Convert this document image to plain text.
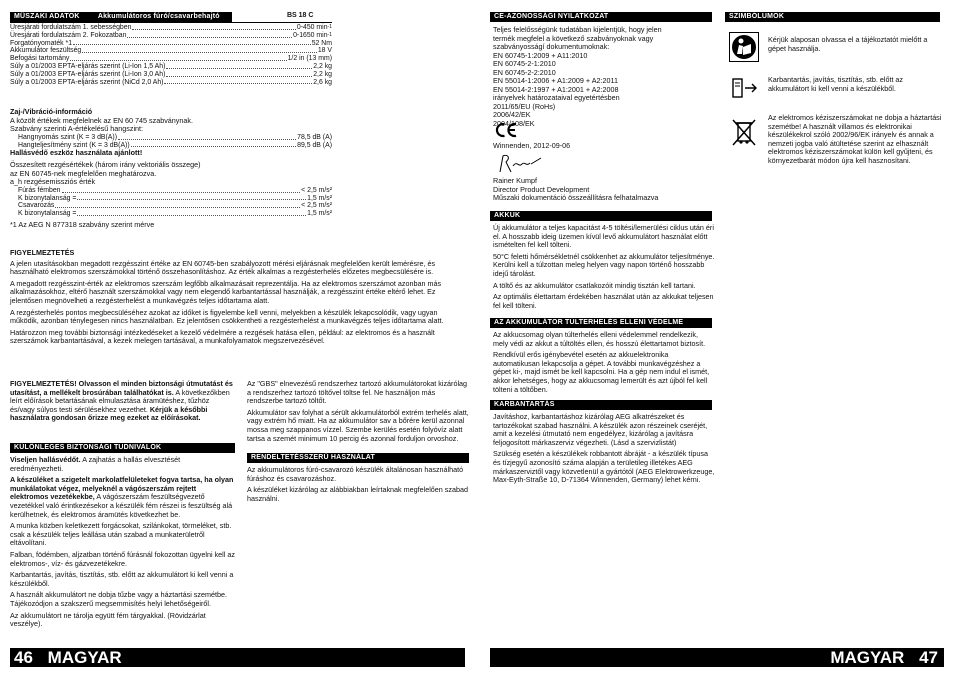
MŰSZAKI ADATOK	Akkumulátoros fúró/csavarbehajtó	BS 18 C
Üresjárati fordulatszám 1. sebességben	0-450 min -1
Üresjárati fordulatszám 2. Fokozatban	0-1650 min -1
Forgatónyomaték *1	52 Nm
Akkumulátor feszültség	18 V
Befogási tartomány	1/2 in (13 mm)
Súly a 01/2003 EPTA-eljárás szerint (Li-Ion 1,5 Ah)	2,2 kg
Súly a 01/2003 EPTA-eljárás szerint (Li-Ion 3,0 Ah)	2,2 kg
Súly a 01/2003 EPTA-eljárás szerint (NiCd 2,0 Ah)	2,6 kg
Zaj-/Vibráció-információ
A közölt értékek megfelelnek az EN 60 745 szabványnak.
Szabvány szerinti A-értékelésű hangszint:
Hangnyomás szint (K = 3 dB(A))	78,5 dB (A)
Hangteljesítmény szint (K = 3 dB(A))	89,5 dB (A)
Hallásvédő eszköz használata ajánlott!
Összesített rezgésértékek (három irány vektoriális összege)
az EN 60745-nek megfelelően meghatározva.
a_h rezgésemissziós érték
Fúrás fémben	< 2,5 m/s²
K bizonytalanság =	1,5 m/s²
Csavarozás	< 2,5 m/s²
K bizonytalanság =	1,5 m/s²
*1 Az AEG N 877318 szabvány szerint mérve

FIGYELMEZTETÉS

A jelen utasításokban megadott rezgésszint értéke az EN 60745-ben szabályozott mérési eljárásnak megfelelően került lemérésre, és használható elektromos szerszámokkal történő összehasonlításhoz. Az érték alkalmas a rezgésterhelés előzetes megbecsülésére is.

A megadott rezgésszint-érték az elektromos szerszám legfőbb alkalmazásait reprezentálja. Ha az elektromos szerszámot azonban más alkalmazásokhoz, eltérő használt szerszámokkal vagy nem elegendő karbantartással használják, a rezgésszint értéke eltérő lehet. Ez jelentősen megnövelheti a rezgésterhelést a munkavégzés teljes időtartama alatt.

A rezgésterhelés pontos megbecsüléséhez azokat az időket is figyelembe kell venni, melyekben a készülék lekapcsolódik, vagy ugyan működik, azonban ténylegesen nincs használatban. Ez jelentősen csökkentheti a rezgésterhelést a munkavégzés teljes időtartama alatt.

Határozzon meg további biztonsági intézkedéseket a kezelő védelmére a rezgések hatása ellen, például: az elektromos és a használt szerszámok karbantartásával, a kezek melegen tartásával, a munkafolyamatok megszervezésével.

FIGYELMEZTETÉS! Olvasson el minden biztonsági útmutatást és utasítást, a mellékelt brosúrában találhatókat is. A következőkben leírt előírások betartásának elmulasztása áramütéshez, tűzhöz és/vagy súlyos testi sérülésekhez vezethet. Kérjük a későbbi használatra gondosan őrizze meg ezeket az előírásokat.

KÜLÖNLEGES BIZTONSÁGI TUDNIVALÓK

Viseljen hallásvédőt. A zajhatás a hallás elvesztését eredményezheti.

A készüléket a szigetelt markolatfelületeket fogva tartsa, ha olyan munkálatokat végez, melyeknél a vágószerszám rejtett elektromos vezetékekbe, A vágószerszám feszültségvezető vezetékkel való érintkezésekor a készülék fém részei is feszültség alá kerülhetnek, és elektromos áramütés következhet be.

A munka közben keletkezett forgácsokat, szilánkokat, törmeléket, stb. csak a készülék teljes leállása után szabad a munkaterületről eltávolítani.

Falban, födémben, aljzatban történő fúrásnál fokozottan ügyelni kell az elektromos-, víz- és gázvezetékekre.

Karbantartás, javítás, tisztítás, stb. előtt az akkumulátort ki kell venni a készülékből.

A használt akkumulátort ne dobja tűzbe vagy a háztartási szemétbe. Tájékozódjon a szakszerű megsemmisítés helyi lehetőségeiről.

Az akkumulátort ne tárolja együtt fém tárgyakkal. (Rövidzárlat veszélye).

Az "GBS" elnevezésű rendszerhez tartozó akkumulátorokat kizárólag a rendszerhez tartozó töltővel töltse fel. Ne használjon más rendszerbe tartozó töltőt.

Akkumulátor sav folyhat a sérült akkumulátorból extrém terhelés alatt, vagy extrém hő miatt. Ha az akkumulátor sav a bőrére kerül azonnal mossa meg szappanos vízzel. Szembe kerülés esetén folyóvíz alatt tartsa a szemét minimum 10 percig és azonnal forduljon orvoshoz.

RENDELTETÉSSZERŰ HASZNÁLAT

Az akkumulátoros fúró-csavarozó készülék általánosan használható fúráshoz és csavarozáshoz.

A készüléket kizárólag az alábbiakban leírtaknak megfelelően szabad használni.

46 MAGYAR
CE-AZONOSSÁGI NYILATKOZAT
Teljes felelősségünk tudatában kijelentjük, hogy jelen
termék megfelel a következő szabványoknak vagy
szabványosságí dokumentumoknak:
EN 60745-1:2009 + A11:2010
EN 60745-2-1:2010
EN 60745-2-2:2010
EN 55014-1:2006 + A1:2009 + A2:2011
EN 55014-2:1997 + A1:2001 + A2:2008
irányelvek határozataival egyetértésben
2011/65/EU (RoHs)
2006/42/EK
2004/108/EK
Winnenden, 2012-09-06
Rainer Kumpf
Director Product Development
Műszaki dokumentáció összeállításra felhatalmazva
AKKUK

Új akkumulátor a teljes kapacitást 4-5 töltési/lemerülési ciklus után éri el. A hosszabb ideig üzemen kívül levő akkumulátort használat előtt ismételten fel kell tölteni.

50°C feletti hőmérsékletnél csökkenhet az akkumulátor teljesítménye. Kerülni kell a túlzottan meleg helyen vagy napon történő hosszabb idejű tárolást.

A töltő és az akkumulátor csatlakozóit mindig tisztán kell tartani.

Az optimális élettartam érdekében használat után az akkukat teljesen fel kell tölteni.

AZ AKKUMULÁTOR TÚLTERHELÉS ELLENI VÉDELME

Az akkucsomag olyan túlterhelés elleni védelemmel rendelkezik, mely védi az akkut a túltöltés ellen, és hosszú élettartamot biztosít.

Rendkívül erős igénybevétel esetén az akkuelektronika automatikusan lekapcsolja a gépet. A további munkavégzéshez a gépet ki-, majd ismét be kell kapcsolni. Ha a gép nem indul el ismét, akkor lehetséges, hogy az akkucsomag lemerült és azt újból fel kell tölteni a töltőben.

KARBANTARTÁS

Javításhoz, karbantartáshoz kizárólag AEG alkatrészeket és tartozékokat szabad használni. A készülék azon részeinek cseréjét, amit a kezelési útmutató nem engedélyez, kizárólag a javításra feljogosított márkaszerviz végezheti. (Lásd a szervizlistát)

Szükség esetén a készülékek robbantott ábráját - a készülék típusa és tízjegyű azonosító száma alapján a területileg illetékes AEG márkaszerviztől vagy közvetlenül a gyártótól (AEG Elektrowerkzeuge, Max-Eyth-Straße 10, D-71364 Winnenden, Germany) lehet kérni.

SZIMBÓLUMOK
Kérjük alaposan olvassa el a tájékoztatót mielőtt a gépet használja.
Karbantartás, javítás, tisztítás, stb. előtt az akkumulátort ki kell venni a készülékből.
Az elektromos kéziszerszámokat ne dobja a háztartási szemétbe! A használt villamos és elektronikai készülékekrol szóló 2002/96/EK irányelv és annak a nemzeti jogba való átültetése szerint az elhasznált elektromos kéziszerszámokat külön kell gyűjteni, és környezetbarát módon újra kell hasznosítani.
MAGYAR 47
